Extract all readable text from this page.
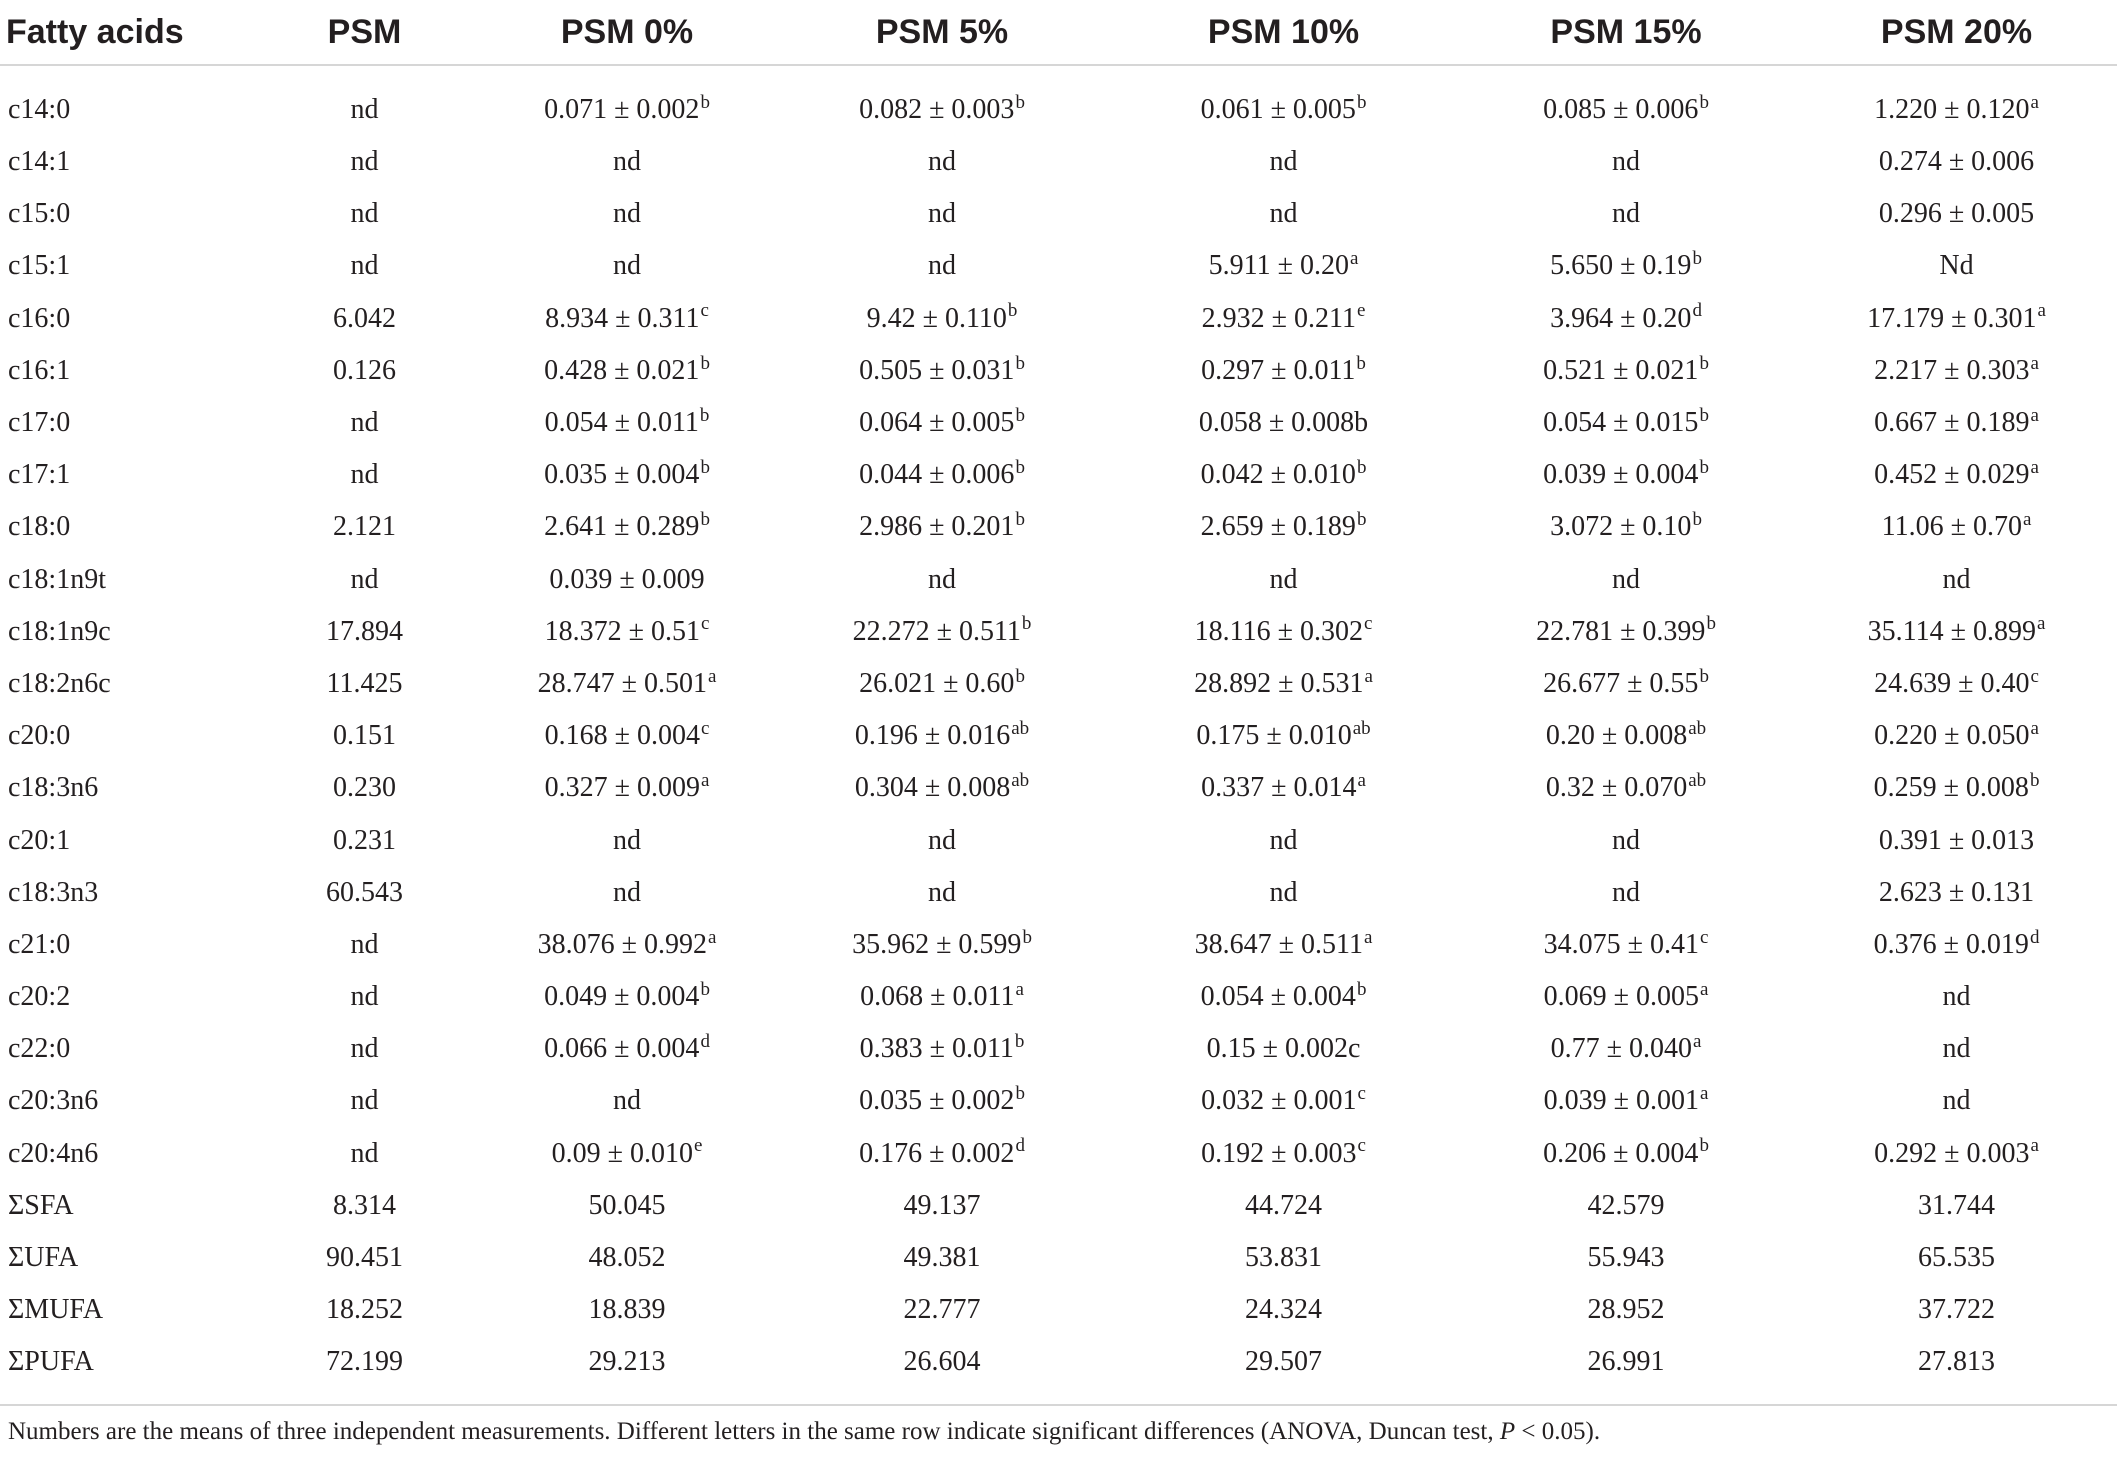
Fatty acids	PSM	PSM 0%	PSM 5%	PSM 10%	PSM 15%	PSM 20%
c14:0	nd	0.071 ± 0.002$^b$	0.082 ± 0.003$^b$	0.061 ± 0.005$^b$	0.085 ± 0.006$^b$	1.220 ± 0.120$^a$
c14:1	nd	nd	nd	nd	nd	0.274 ± 0.006
c15:0	nd	nd	nd	nd	nd	0.296 ± 0.005
c15:1	nd	nd	nd	5.911 ± 0.20$^a$	5.650 ± 0.19$^b$	Nd
c16:0	6.042	8.934 ± 0.311$^c$	9.42 ± 0.110$^b$	2.932 ± 0.211$^e$	3.964 ± 0.20$^d$	17.179 ± 0.301$^a$
c16:1	0.126	0.428 ± 0.021$^b$	0.505 ± 0.031$^b$	0.297 ± 0.011$^b$	0.521 ± 0.021$^b$	2.217 ± 0.303$^a$
c17:0	nd	0.054 ± 0.011$^b$	0.064 ± 0.005$^b$	0.058 ± 0.008b	0.054 ± 0.015$^b$	0.667 ± 0.189$^a$
c17:1	nd	0.035 ± 0.004$^b$	0.044 ± 0.006$^b$	0.042 ± 0.010$^b$	0.039 ± 0.004$^b$	0.452 ± 0.029$^a$
c18:0	2.121	2.641 ± 0.289$^b$	2.986 ± 0.201$^b$	2.659 ± 0.189$^b$	3.072 ± 0.10$^b$	11.06 ± 0.70$^a$
c18:1n9t	nd	0.039 ± 0.009	nd	nd	nd	nd
c18:1n9c	17.894	18.372 ± 0.51$^c$	22.272 ± 0.511$^b$	18.116 ± 0.302$^c$	22.781 ± 0.399$^b$	35.114 ± 0.899$^a$
c18:2n6c	11.425	28.747 ± 0.501$^a$	26.021 ± 0.60$^b$	28.892 ± 0.531$^a$	26.677 ± 0.55$^b$	24.639 ± 0.40$^c$
c20:0	0.151	0.168 ± 0.004$^c$	0.196 ± 0.016$^{ab}$	0.175 ± 0.010$^{ab}$	0.20 ± 0.008$^{ab}$	0.220 ± 0.050$^a$
c18:3n6	0.230	0.327 ± 0.009$^a$	0.304 ± 0.008$^{ab}$	0.337 ± 0.014$^a$	0.32 ± 0.070$^{ab}$	0.259 ± 0.008$^b$
c20:1	0.231	nd	nd	nd	nd	0.391 ± 0.013
c18:3n3	60.543	nd	nd	nd	nd	2.623 ± 0.131
c21:0	nd	38.076 ± 0.992$^a$	35.962 ± 0.599$^b$	38.647 ± 0.511$^a$	34.075 ± 0.41$^c$	0.376 ± 0.019$^d$
c20:2	nd	0.049 ± 0.004$^b$	0.068 ± 0.011$^a$	0.054 ± 0.004$^b$	0.069 ± 0.005$^a$	nd
c22:0	nd	0.066 ± 0.004$^d$	0.383 ± 0.011$^b$	0.15 ± 0.002c	0.77 ± 0.040$^a$	nd
c20:3n6	nd	nd	0.035 ± 0.002$^b$	0.032 ± 0.001$^c$	0.039 ± 0.001$^a$	nd
c20:4n6	nd	0.09 ± 0.010$^e$	0.176 ± 0.002$^d$	0.192 ± 0.003$^c$	0.206 ± 0.004$^b$	0.292 ± 0.003$^a$
ΣSFA	8.314	50.045	49.137	44.724	42.579	31.744
ΣUFA	90.451	48.052	49.381	53.831	55.943	65.535
ΣMUFA	18.252	18.839	22.777	24.324	28.952	37.722
ΣPUFA	72.199	29.213	26.604	29.507	26.991	27.813
Numbers are the means of three independent measurements. Different letters in the same row indicate significant differences (ANOVA, Duncan test, P < 0.05).
